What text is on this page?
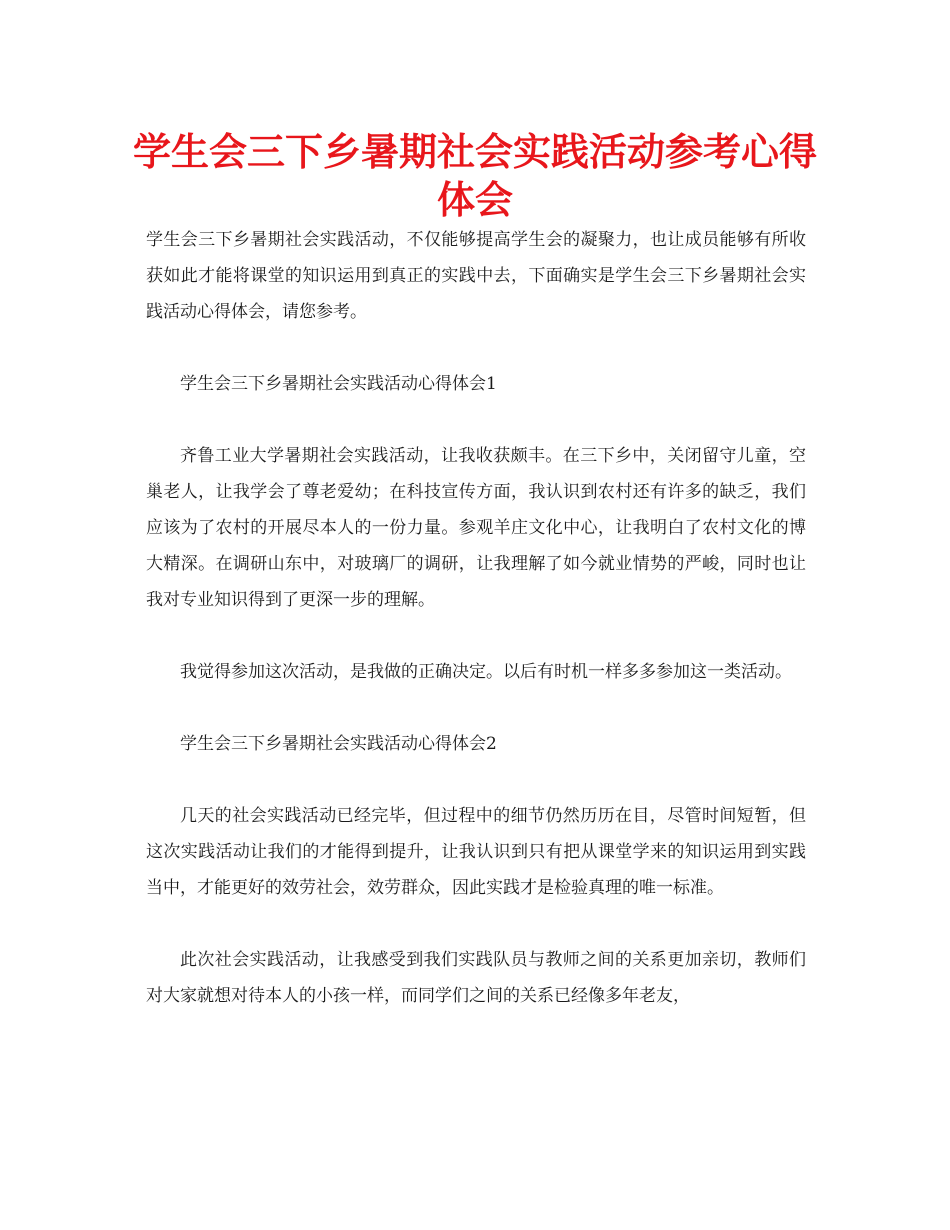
学生会三下乡暑期社会实践活动参考心得体会

学生会三下乡暑期社会实践活动，不仅能够提高学生会的凝聚力，也让成员能够有所收获如此才能将课堂的知识运用到真正的实践中去，下面确实是学生会三下乡暑期社会实践活动心得体会，请您参考。

学生会三下乡暑期社会实践活动心得体会1

齐鲁工业大学暑期社会实践活动，让我收获颇丰。在三下乡中，关闭留守儿童，空巢老人，让我学会了尊老爱幼；在科技宣传方面，我认识到农村还有许多的缺乏，我们应该为了农村的开展尽本人的一份力量。参观羊庄文化中心，让我明白了农村文化的博大精深。在调研山东中，对玻璃厂的调研，让我理解了如今就业情势的严峻，同时也让我对专业知识得到了更深一步的理解。

我觉得参加这次活动，是我做的正确决定。以后有时机一样多多参加这一类活动。

学生会三下乡暑期社会实践活动心得体会2

几天的社会实践活动已经完毕，但过程中的细节仍然历历在目，尽管时间短暂，但这次实践活动让我们的才能得到提升，让我认识到只有把从课堂学来的知识运用到实践当中，才能更好的效劳社会，效劳群众，因此实践才是检验真理的唯一标准。

此次社会实践活动，让我感受到我们实践队员与教师之间的关系更加亲切，教师们对大家就想对待本人的小孩一样，而同学们之间的关系已经像多年老友，
